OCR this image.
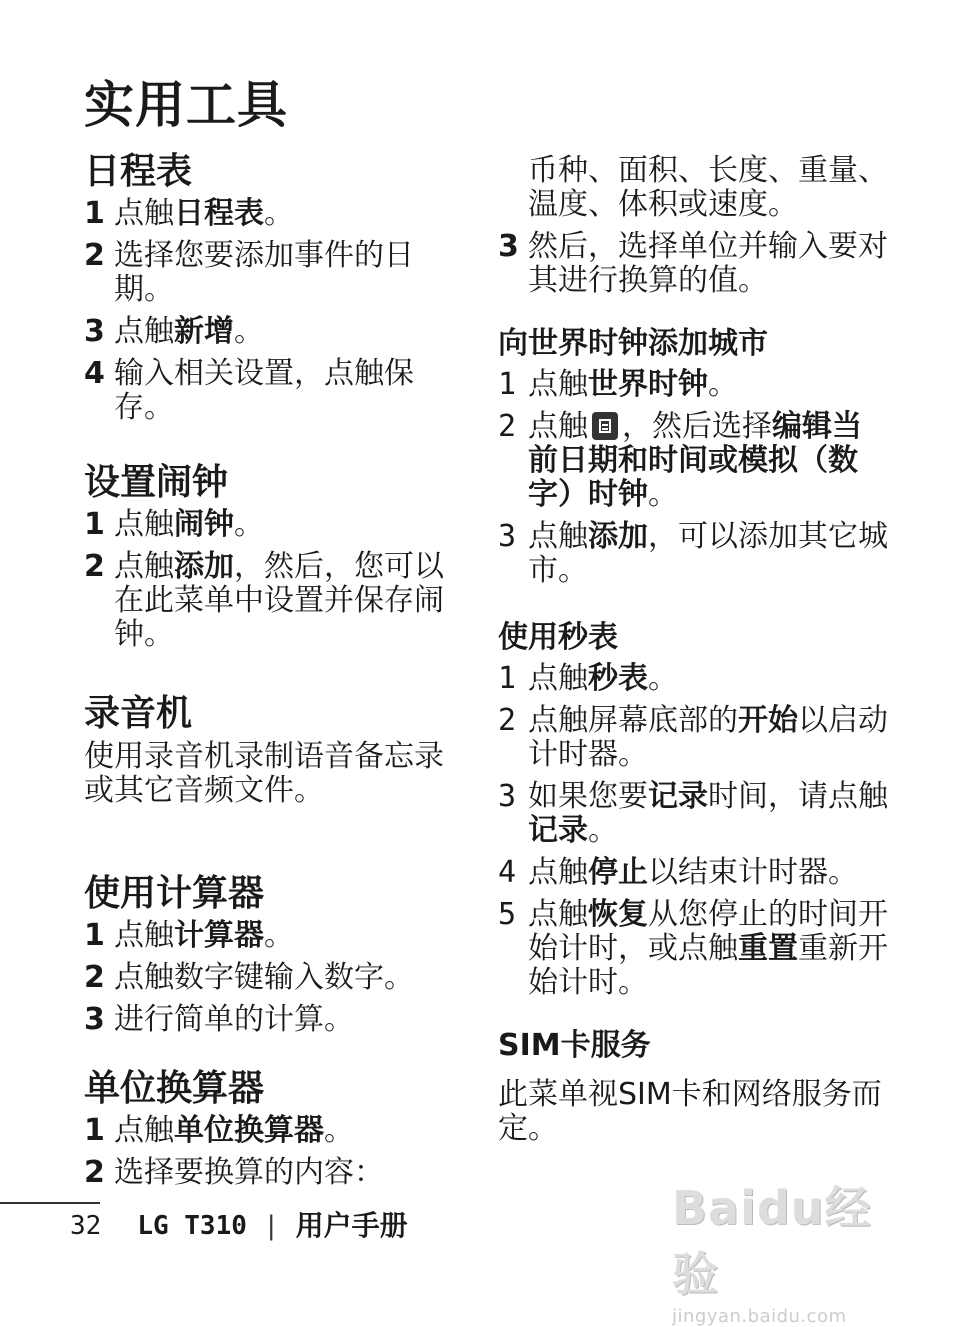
实用工具
日程表
1 点触日程表。
2 选择您要添加事件的日期。
3 点触新增。
4 输入相关设置，点触保存。
设置闹钟
1 点触闹钟。
2 点触添加，然后，您可以在此菜单中设置并保存闹钟。
录音机

使用录音机录制语音备忘录或其它音频文件。

使用计算器
1 点触计算器。
2 点触数字键输入数字。
3 进行简单的计算。
单位换算器
1 点触单位换算器。
2 选择要换算的内容：
币种、面积、长度、重量、温度、体积或速度。
3 然后，选择单位并输入要对其进行换算的值。
向世界时钟添加城市
1 点触世界时钟。
2 点触 ，然后选择编辑当前日期和时间或模拟（数字）时钟。
3 点触添加，可以添加其它城市。
使用秒表
1 点触秒表。
2 点触屏幕底部的开始以启动计时器。
3 如果您要记录时间，请点触记录。
4 点触停止以结束计时器。
5 点触恢复从您停止的时间开始计时，或点触重置重新开始计时。
SIM卡服务

此菜单视SIM卡和网络服务而定。

32 LG T310 | 用户手册	Baidu经验
jingyan.baidu.com
